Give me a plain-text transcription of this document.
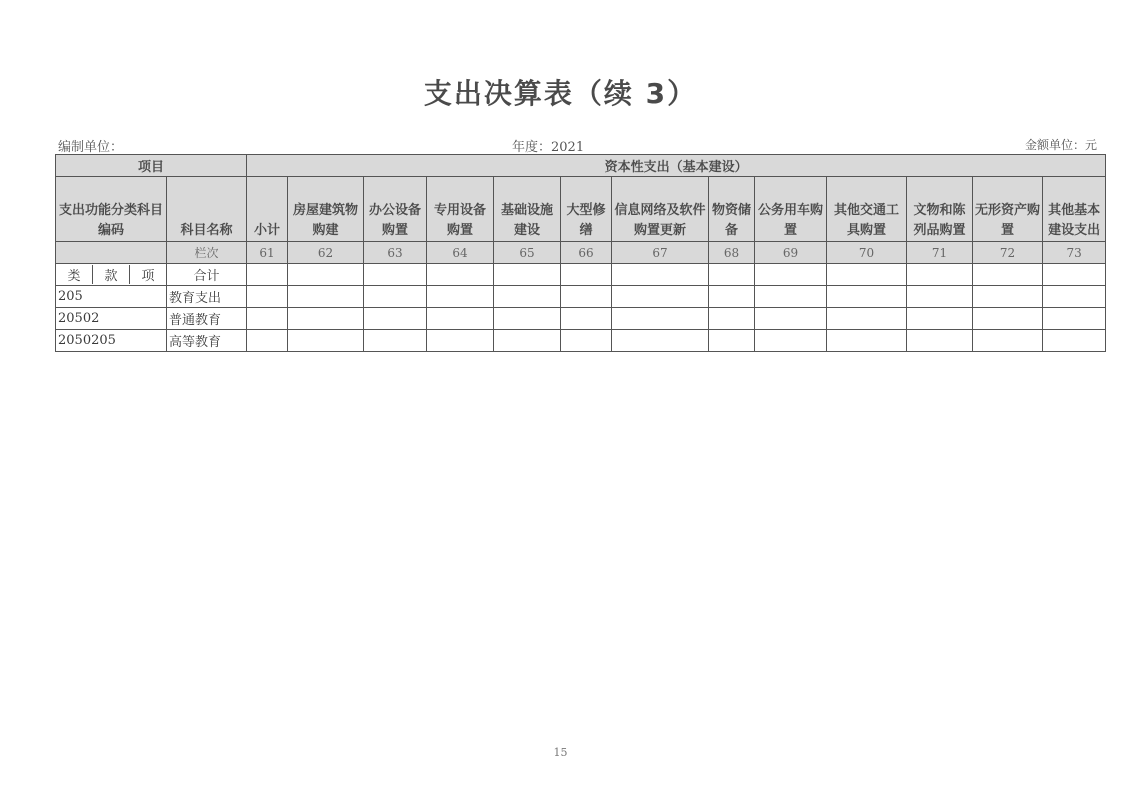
支出决算表（续 3）
编制单位：	年度：2021	金额单位：元
项目		资本性支出（基本建设）												
支出功能分类科目编码	科目名称	小计	房屋建筑物购建	办公设备购置	专用设备购置	基础设施建设	大型修缮	信息网络及软件购置更新	物资储备	公务用车购置	其他交通工具购置	文物和陈列品购置	无形资产购置	其他基本建设支出
	栏次	61	62	63	64	65	66	67	68	69	70	71	72	73

类 款 项	合计													
205	教育支出													
20502	普通教育													
2050205	高等教育													
15
